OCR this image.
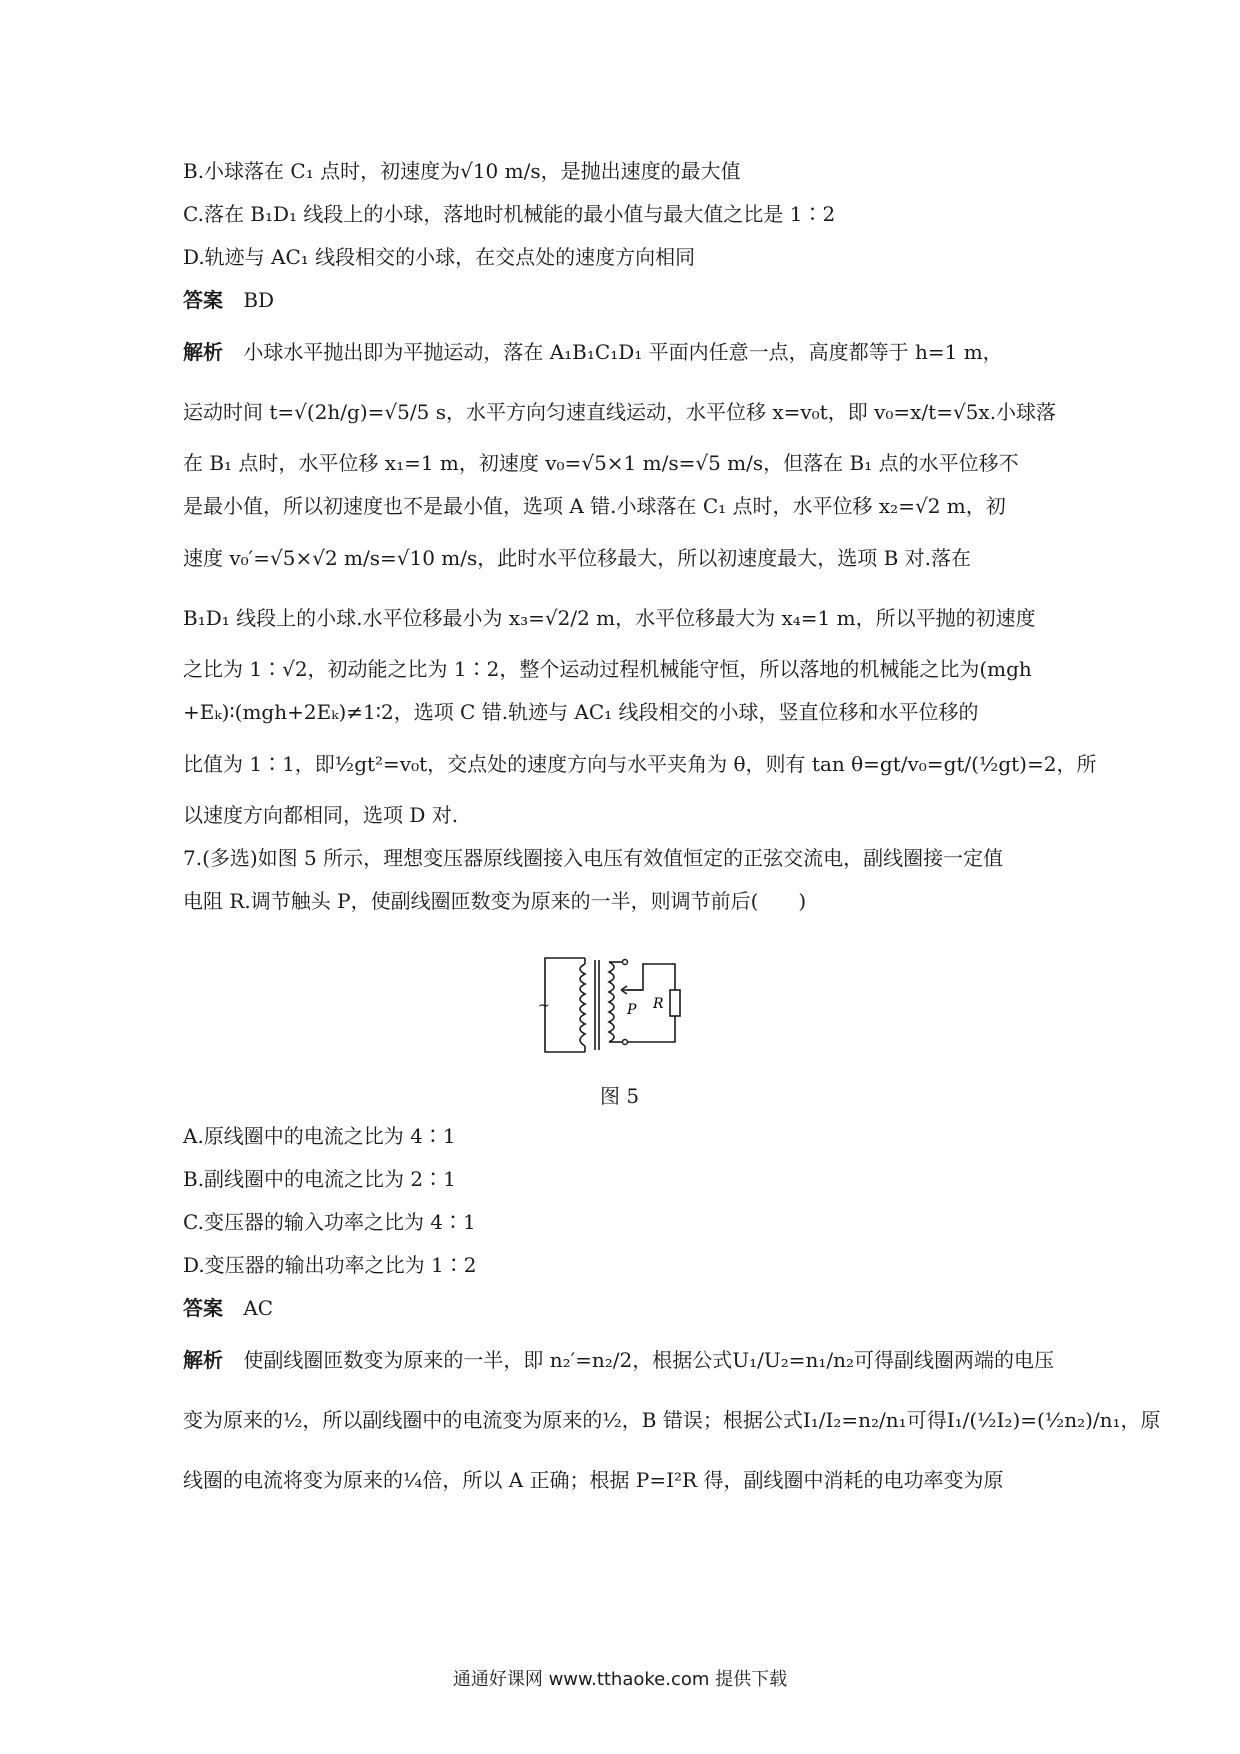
B.小球落在 C₁ 点时，初速度为√10 m/s，是抛出速度的最大值
C.落在 B₁D₁ 线段上的小球，落地时机械能的最小值与最大值之比是 1∶2
D.轨迹与 AC₁ 线段相交的小球，在交点处的速度方向相同
答案 BD
解析 小球水平抛出即为平抛运动，落在 A₁B₁C₁D₁ 平面内任意一点，高度都等于 h=1 m，
运动时间 t=√(2h/g)=√5/5 s，水平方向匀速直线运动，水平位移 x=v₀t，即 v₀=x/t=√5x.小球落
在 B₁ 点时，水平位移 x₁=1 m，初速度 v₀=√5×1 m/s=√5 m/s，但落在 B₁ 点的水平位移不
是最小值，所以初速度也不是最小值，选项 A 错.小球落在 C₁ 点时，水平位移 x₂=√2 m，初
速度 v₀′=√5×√2 m/s=√10 m/s，此时水平位移最大，所以初速度最大，选项 B 对.落在
B₁D₁ 线段上的小球.水平位移最小为 x₃=√2/2 m，水平位移最大为 x₄=1 m，所以平抛的初速度
之比为 1∶√2，初动能之比为 1∶2，整个运动过程机械能守恒，所以落地的机械能之比为(mgh
+Eₖ)∶(mgh+2Eₖ)≠1∶2，选项 C 错.轨迹与 AC₁ 线段相交的小球，竖直位移和水平位移的
比值为 1∶1，即½gt²=v₀t，交点处的速度方向与水平夹角为 θ，则有 tan θ=gt/v₀=gt/(½gt)=2，所
以速度方向都相同，选项 D 对.
7.(多选)如图 5 所示，理想变压器原线圈接入电压有效值恒定的正弦交流电，副线圈接一定值
电阻 R.调节触头 P，使副线圈匝数变为原来的一半，则调节前后(　　)
~	P R
图 5
A.原线圈中的电流之比为 4∶1
B.副线圈中的电流之比为 2∶1
C.变压器的输入功率之比为 4∶1
D.变压器的输出功率之比为 1∶2
答案 AC
解析 使副线圈匝数变为原来的一半，即 n₂′=n₂/2，根据公式U₁/U₂=n₁/n₂可得副线圈两端的电压
变为原来的½，所以副线圈中的电流变为原来的½，B 错误；根据公式I₁/I₂=n₂/n₁可得I₁/(½I₂)=(½n₂)/n₁，原
线圈的电流将变为原来的¼倍，所以 A 正确；根据 P=I²R 得，副线圈中消耗的电功率变为原
通通好课网 www.tthaoke.com 提供下载
